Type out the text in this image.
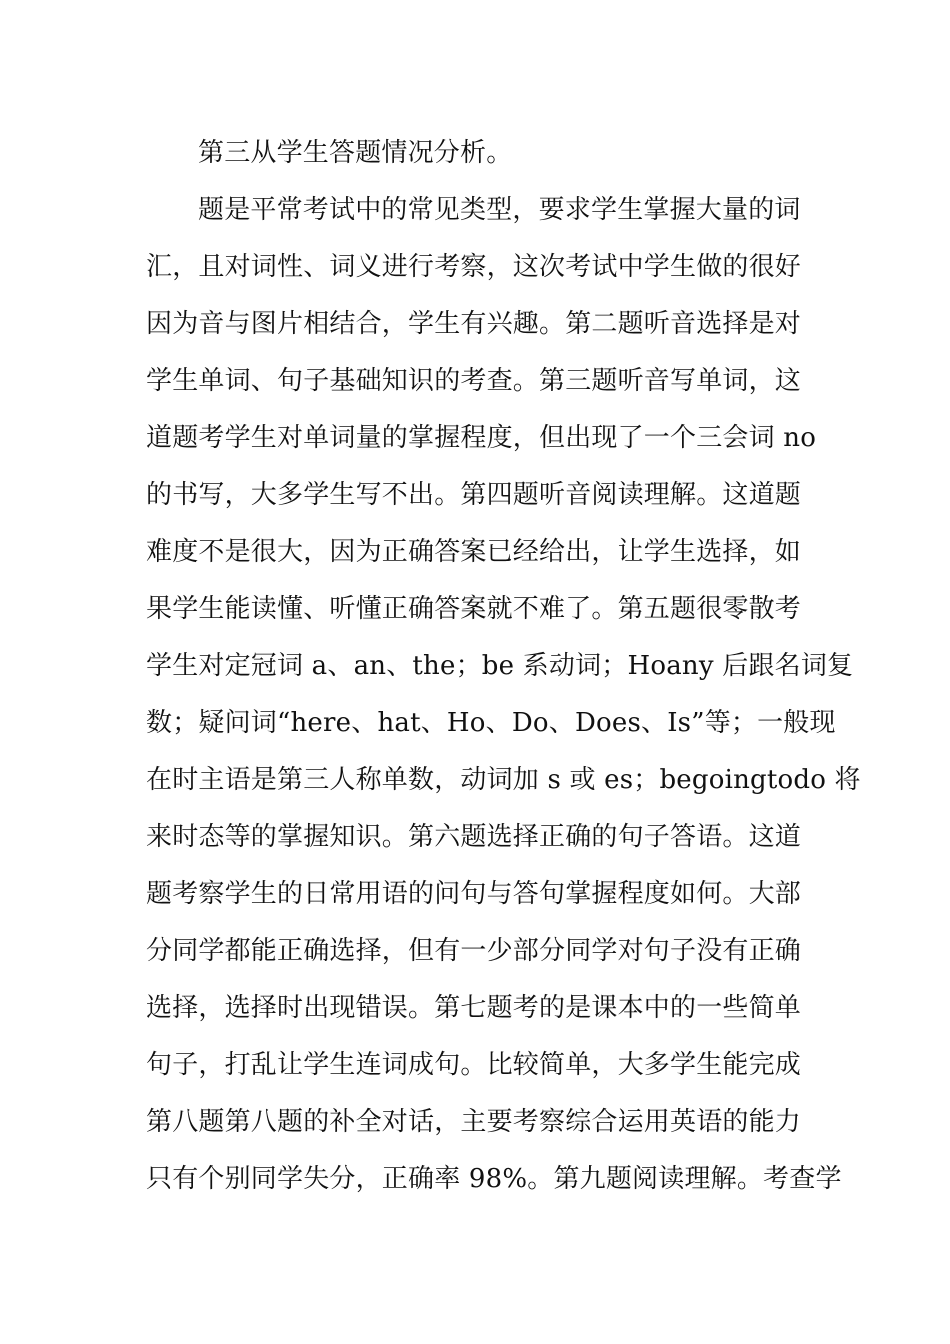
第三从学生答题情况分析。
题是平常考试中的常见类型，要求学生掌握大量的词
汇，且对词性、词义进行考察，这次考试中学生做的很好
因为音与图片相结合，学生有兴趣。第二题听音选择是对
学生单词、句子基础知识的考查。第三题听音写单词，这
道题考学生对单词量的掌握程度，但出现了一个三会词 no
的书写，大多学生写不出。第四题听音阅读理解。这道题
难度不是很大，因为正确答案已经给出，让学生选择，如
果学生能读懂、听懂正确答案就不难了。第五题很零散考
学生对定冠词 a、an、the；be 系动词；Hoany 后跟名词复
数；疑问词“here、hat、Ho、Do、Does、Is”等；一般现
在时主语是第三人称单数，动词加 s 或 es；begoingtodo 将
来时态等的掌握知识。第六题选择正确的句子答语。这道
题考察学生的日常用语的问句与答句掌握程度如何。大部
分同学都能正确选择，但有一少部分同学对句子没有正确
选择，选择时出现错误。第七题考的是课本中的一些简单
句子，打乱让学生连词成句。比较简单，大多学生能完成
第八题第八题的补全对话，主要考察综合运用英语的能力
只有个别同学失分，正确率 98%。第九题阅读理解。考查学
